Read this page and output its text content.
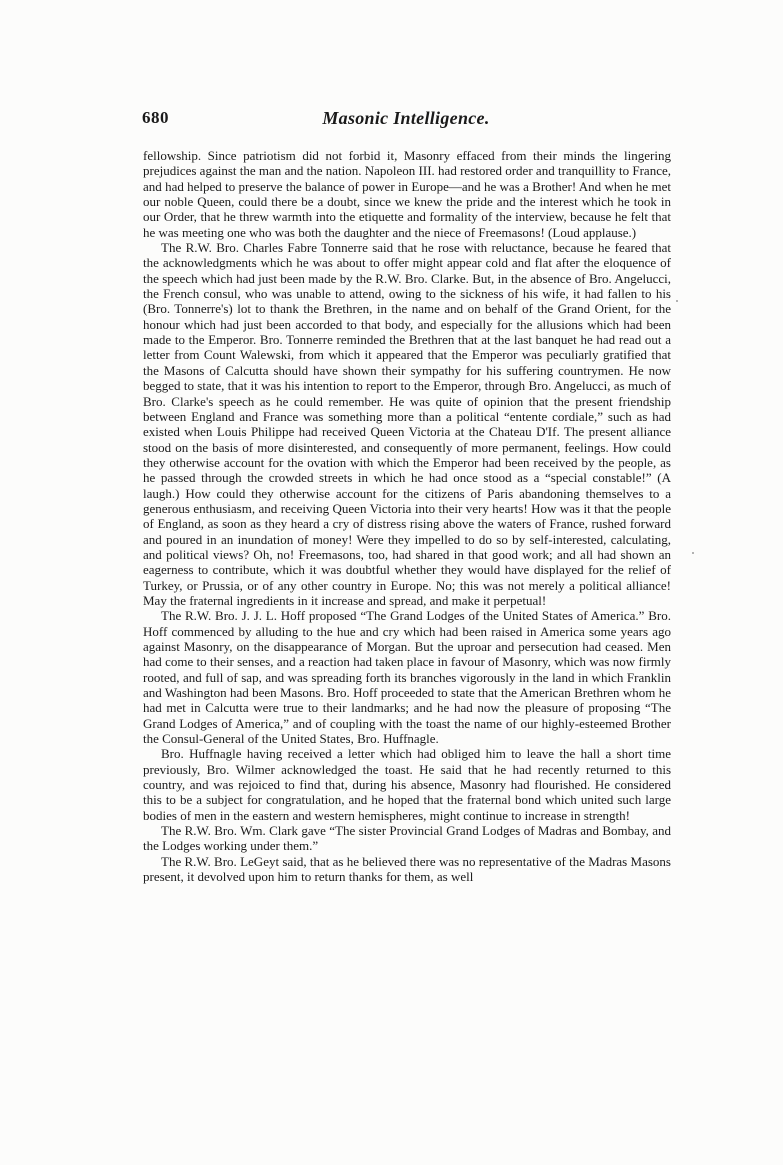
680	Masonic Intelligence.

fellowship. Since patriotism did not forbid it, Masonry effaced from their minds the lingering prejudices against the man and the nation. Napoleon III. had restored order and tranquillity to France, and had helped to preserve the balance of power in Europe—and he was a Brother! And when he met our noble Queen, could there be a doubt, since we knew the pride and the interest which he took in our Order, that he threw warmth into the etiquette and formality of the interview, because he felt that he was meeting one who was both the daughter and the niece of Freemasons! (Loud applause.)

The R.W. Bro. Charles Fabre Tonnerre said that he rose with reluctance, because he feared that the acknowledgments which he was about to offer might appear cold and flat after the eloquence of the speech which had just been made by the R.W. Bro. Clarke. But, in the absence of Bro. Angelucci, the French consul, who was unable to attend, owing to the sickness of his wife, it had fallen to his (Bro. Tonnerre's) lot to thank the Brethren, in the name and on behalf of the Grand Orient, for the honour which had just been accorded to that body, and especially for the allusions which had been made to the Emperor. Bro. Tonnerre reminded the Brethren that at the last banquet he had read out a letter from Count Walewski, from which it appeared that the Emperor was peculiarly gratified that the Masons of Calcutta should have shown their sympathy for his suffering countrymen. He now begged to state, that it was his intention to report to the Emperor, through Bro. Angelucci, as much of Bro. Clarke's speech as he could remember. He was quite of opinion that the present friendship between England and France was something more than a political “entente cordiale,” such as had existed when Louis Philippe had received Queen Victoria at the Chateau D'If. The present alliance stood on the basis of more disinterested, and consequently of more permanent, feelings. How could they otherwise account for the ovation with which the Emperor had been received by the people, as he passed through the crowded streets in which he had once stood as a “special constable!” (A laugh.) How could they otherwise account for the citizens of Paris abandoning themselves to a generous enthusiasm, and receiving Queen Victoria into their very hearts! How was it that the people of England, as soon as they heard a cry of distress rising above the waters of France, rushed forward and poured in an inundation of money! Were they impelled to do so by self-interested, calculating, and political views? Oh, no! Freemasons, too, had shared in that good work; and all had shown an eagerness to contribute, which it was doubtful whether they would have displayed for the relief of Turkey, or Prussia, or of any other country in Europe. No; this was not merely a political alliance! May the fraternal ingredients in it increase and spread, and make it perpetual!

The R.W. Bro. J. J. L. Hoff proposed “The Grand Lodges of the United States of America.” Bro. Hoff commenced by alluding to the hue and cry which had been raised in America some years ago against Masonry, on the disappearance of Morgan. But the uproar and persecution had ceased. Men had come to their senses, and a reaction had taken place in favour of Masonry, which was now firmly rooted, and full of sap, and was spreading forth its branches vigorously in the land in which Franklin and Washington had been Masons. Bro. Hoff proceeded to state that the American Brethren whom he had met in Calcutta were true to their landmarks; and he had now the pleasure of proposing “The Grand Lodges of America,” and of coupling with the toast the name of our highly-esteemed Brother the Consul-General of the United States, Bro. Huffnagle.

Bro. Huffnagle having received a letter which had obliged him to leave the hall a short time previously, Bro. Wilmer acknowledged the toast. He said that he had recently returned to this country, and was rejoiced to find that, during his absence, Masonry had flourished. He considered this to be a subject for congratulation, and he hoped that the fraternal bond which united such large bodies of men in the eastern and western hemispheres, might continue to increase in strength!

The R.W. Bro. Wm. Clark gave “The sister Provincial Grand Lodges of Madras and Bombay, and the Lodges working under them.”

The R.W. Bro. LeGeyt said, that as he believed there was no representative of the Madras Masons present, it devolved upon him to return thanks for them, as well
